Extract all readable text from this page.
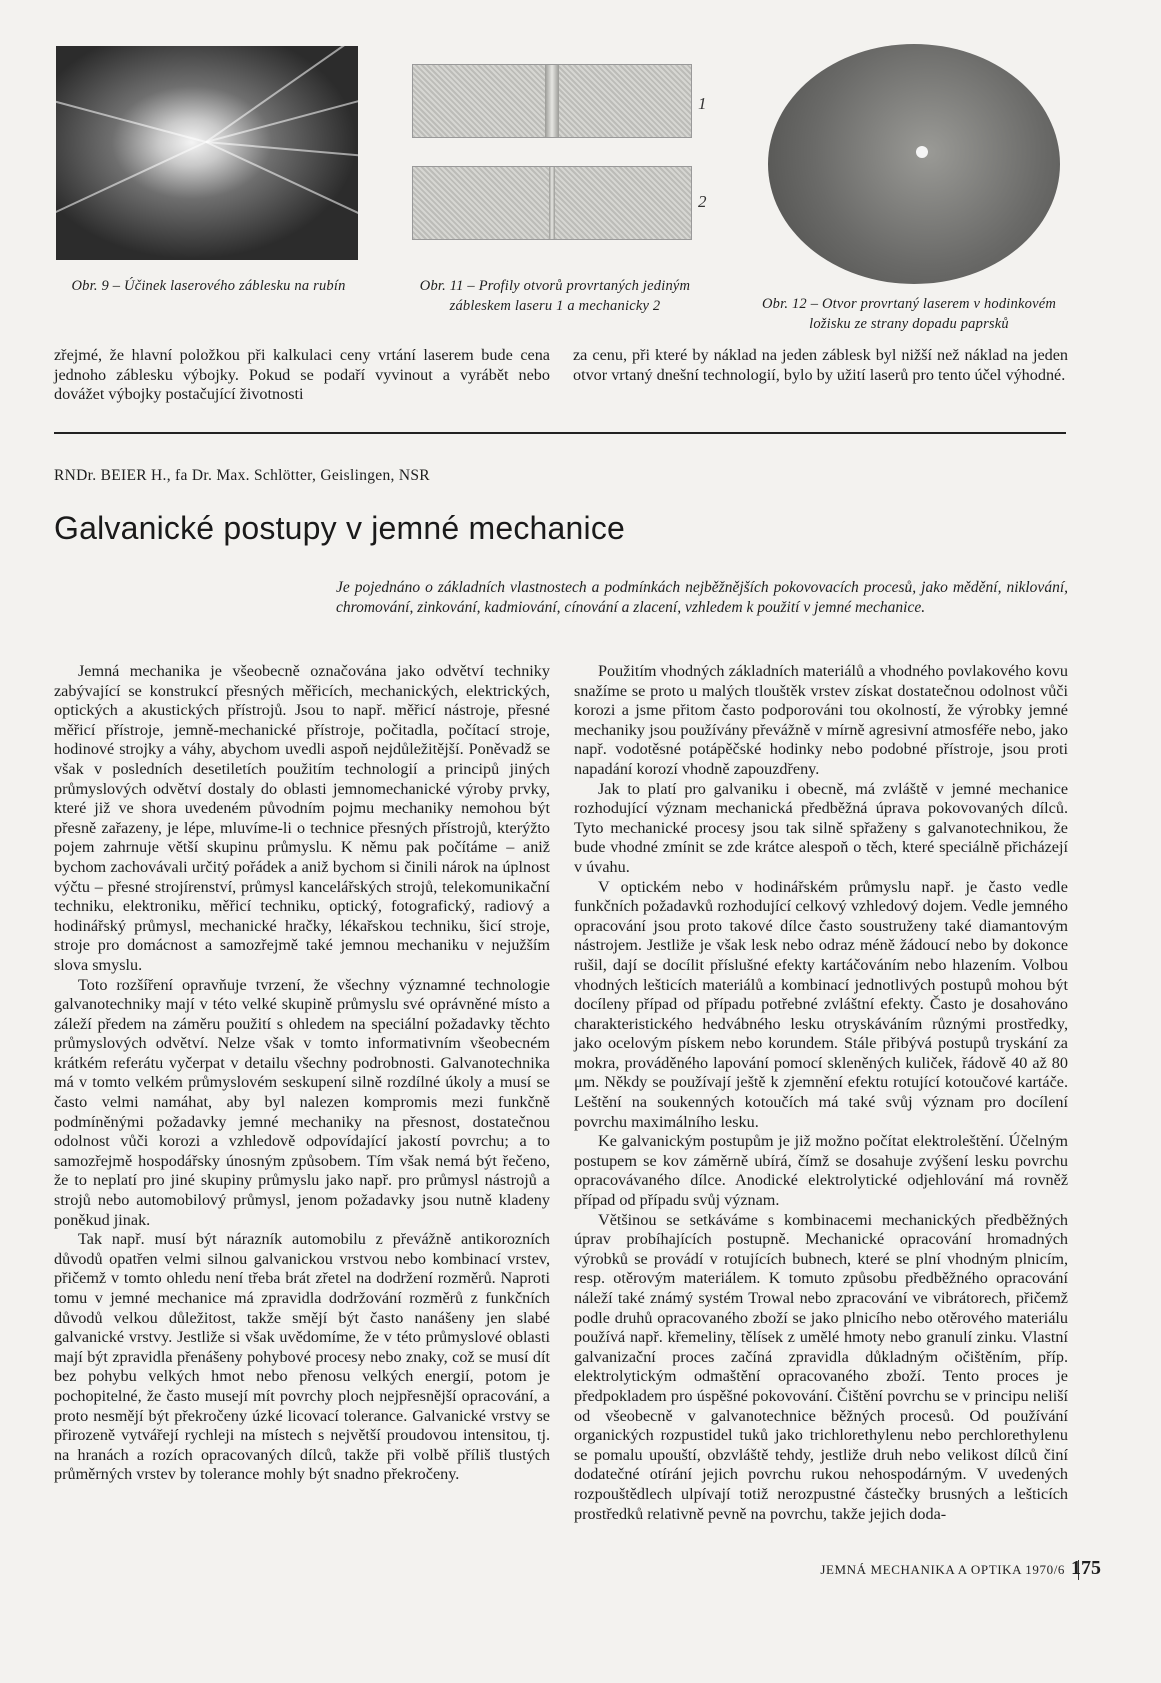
Obr. 9 – Účinek laserového záblesku na rubín
1
2
Obr. 11 – Profily otvorů provrtaných jediným zábleskem laseru 1 a mechanicky 2	Obr. 12 – Otvor provrtaný laserem v hodinkovém ložisku ze strany dopadu paprsků

zřejmé, že hlavní položkou při kalkulaci ceny vrtání laserem bude cena jednoho záblesku výbojky. Pokud se podaří vyvinout a vyrábět nebo dovážet výbojky postačující životnosti

za cenu, při které by náklad na jeden záblesk byl nižší než náklad na jeden otvor vrtaný dnešní technologií, bylo by užití laserů pro tento účel výhodné.

RNDr. BEIER H., fa Dr. Max. Schlötter, Geislingen, NSR
Galvanické postupy v jemné mechanice
Je pojednáno o základních vlastnostech a podmínkách nejběžnějších pokovovacích procesů, jako mědění, niklování, chromování, zinkování, kadmiování, cínování a zlacení, vzhledem k použití v jemné mechanice.

Jemná mechanika je všeobecně označována jako odvětví techniky zabývající se konstrukcí přesných měřicích, mechanických, elektrických, optických a akustických přístrojů. Jsou to např. měřicí nástroje, přesné měřicí přístroje, jemně-mechanické přístroje, počitadla, počítací stroje, hodinové strojky a váhy, abychom uvedli aspoň nejdůležitější. Poněvadž se však v posledních desetiletích použitím technologií a principů jiných průmyslových odvětví dostaly do oblasti jemnomechanické výroby prvky, které již ve shora uvedeném původním pojmu mechaniky nemohou být přesně zařazeny, je lépe, mluvíme-li o technice přesných přístrojů, kterýžto pojem zahrnuje větší skupinu průmyslu. K němu pak počítáme – aniž bychom zachovávali určitý pořádek a aniž bychom si činili nárok na úplnost výčtu – přesné strojírenství, průmysl kancelářských strojů, telekomunikační techniku, elektroniku, měřicí techniku, optický, fotografický, radiový a hodinářský průmysl, mechanické hračky, lékařskou techniku, šicí stroje, stroje pro domácnost a samozřejmě také jemnou mechaniku v nejužším slova smyslu.

Toto rozšíření opravňuje tvrzení, že všechny významné technologie galvanotechniky mají v této velké skupině průmyslu své oprávněné místo a záleží předem na záměru použití s ohledem na speciální požadavky těchto průmyslových odvětví. Nelze však v tomto informativním všeobecném krátkém referátu vyčerpat v detailu všechny podrobnosti. Galvanotechnika má v tomto velkém průmyslovém seskupení silně rozdílné úkoly a musí se často velmi namáhat, aby byl nalezen kompromis mezi funkčně podmíněnými požadavky jemné mechaniky na přesnost, dostatečnou odolnost vůči korozi a vzhledově odpovídající jakostí povrchu; a to samozřejmě hospodářsky únosným způsobem. Tím však nemá být řečeno, že to neplatí pro jiné skupiny průmyslu jako např. pro průmysl nástrojů a strojů nebo automobilový průmysl, jenom požadavky jsou nutně kladeny poněkud jinak.

Tak např. musí být nárazník automobilu z převážně antikorozních důvodů opatřen velmi silnou galvanickou vrstvou nebo kombinací vrstev, přičemž v tomto ohledu není třeba brát zřetel na dodržení rozměrů. Naproti tomu v jemné mechanice má zpravidla dodržování rozměrů z funkčních důvodů velkou důležitost, takže smějí být často nanášeny jen slabé galvanické vrstvy. Jestliže si však uvědomíme, že v této průmyslové oblasti mají být zpravidla přenášeny pohybové procesy nebo znaky, což se musí dít bez pohybu velkých hmot nebo přenosu velkých energií, potom je pochopitelné, že často musejí mít povrchy ploch nejpřesnější opracování, a proto nesmějí být překročeny úzké licovací tolerance. Galvanické vrstvy se přirozeně vytvářejí rychleji na místech s největší proudovou intensitou, tj. na hranách a rozích opracovaných dílců, takže při volbě příliš tlustých průměrných vrstev by tolerance mohly být snadno překročeny.

Použitím vhodných základních materiálů a vhodného povlakového kovu snažíme se proto u malých tlouštěk vrstev získat dostatečnou odolnost vůči korozi a jsme přitom často podporováni tou okolností, že výrobky jemné mechaniky jsou používány převážně v mírně agresivní atmosféře nebo, jako např. vodotěsné potápěčské hodinky nebo podobné přístroje, jsou proti napadání korozí vhodně zapouzdřeny.

Jak to platí pro galvaniku i obecně, má zvláště v jemné mechanice rozhodující význam mechanická předběžná úprava pokovovaných dílců. Tyto mechanické procesy jsou tak silně spřaženy s galvanotechnikou, že bude vhodné zmínit se zde krátce alespoň o těch, které speciálně přicházejí v úvahu.

V optickém nebo v hodinářském průmyslu např. je často vedle funkčních požadavků rozhodující celkový vzhledový dojem. Vedle jemného opracování jsou proto takové dílce často soustruženy také diamantovým nástrojem. Jestliže je však lesk nebo odraz méně žádoucí nebo by dokonce rušil, dají se docílit příslušné efekty kartáčováním nebo hlazením. Volbou vhodných lešticích materiálů a kombinací jednotlivých postupů mohou být docíleny případ od případu potřebné zvláštní efekty. Často je dosahováno charakteristického hedvábného lesku otryskáváním různými prostředky, jako ocelovým pískem nebo korundem. Stále přibývá postupů tryskání za mokra, prováděného lapování pomocí skleněných kuliček, řádově 40 až 80 μm. Někdy se používají ještě k zjemnění efektu rotující kotoučové kartáče. Leštění na soukenných kotoučích má také svůj význam pro docílení povrchu maximálního lesku.

Ke galvanickým postupům je již možno počítat elektroleštění. Účelným postupem se kov záměrně ubírá, čímž se dosahuje zvýšení lesku povrchu opracovávaného dílce. Anodické elektrolytické odjehlování má rovněž případ od případu svůj význam.

Většinou se setkáváme s kombinacemi mechanických předběžných úprav probíhajících postupně. Mechanické opracování hromadných výrobků se provádí v rotujících bubnech, které se plní vhodným plnicím, resp. otěrovým materiálem. K tomuto způsobu předběžného opracování náleží také známý systém Trowal nebo zpracování ve vibrátorech, přičemž podle druhů opracovaného zboží se jako plnicího nebo otěrového materiálu používá např. křemeliny, tělísek z umělé hmoty nebo granulí zinku. Vlastní galvanizační proces začíná zpravidla důkladným očištěním, příp. elektrolytickým odmaštění opracovaného zboží. Tento proces je předpokladem pro úspěšné pokovování. Čištění povrchu se v principu neliší od všeobecně v galvanotechnice běžných procesů. Od používání organických rozpustidel tuků jako trichlorethylenu nebo perchlorethylenu se pomalu upouští, obzvláště tehdy, jestliže druh nebo velikost dílců činí dodatečné otírání jejich povrchu rukou nehospodárným. V uvedených rozpouštědlech ulpívají totiž nerozpustné částečky brusných a lešticích prostředků relativně pevně na povrchu, takže jejich doda-

JEMNÁ MECHANIKA A OPTIKA 1970/6 175
